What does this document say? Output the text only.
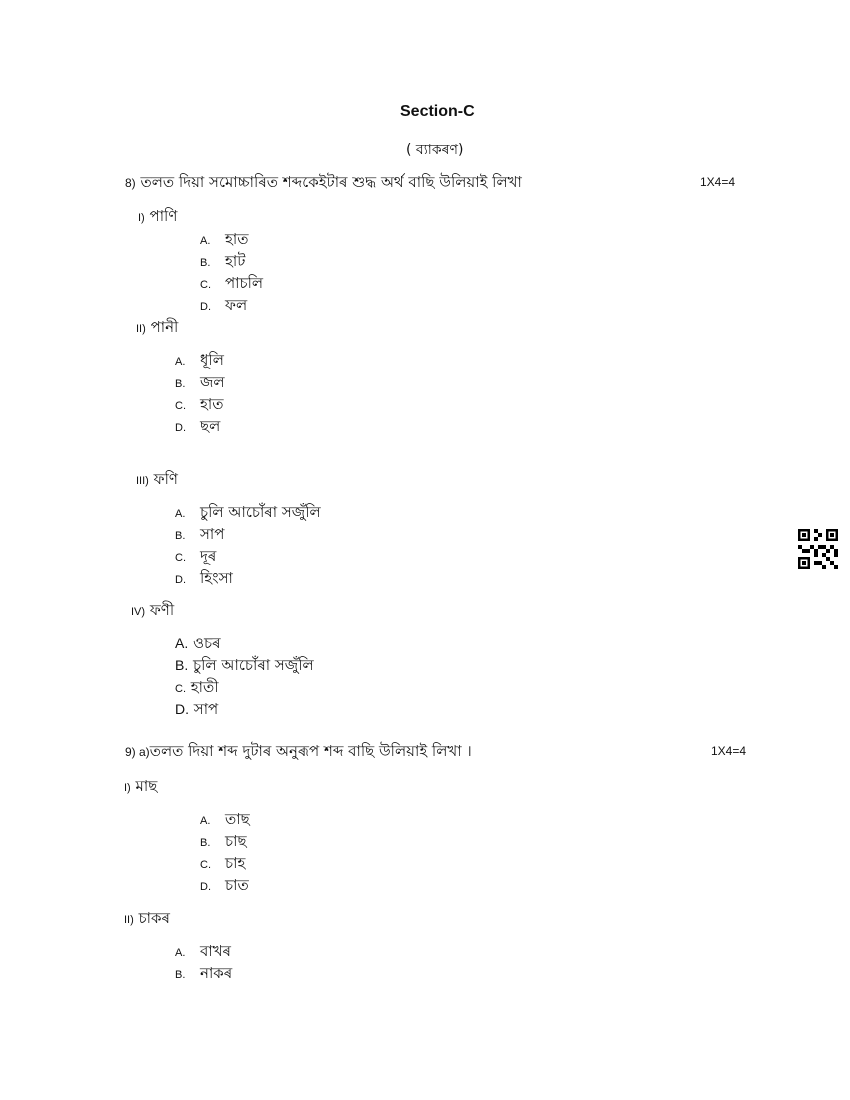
Section-C
( ব্যাকৰণ)
8) তলত দিয়া সমোচ্চাৰিত শব্দকেইটাৰ শুদ্ধ অৰ্থ বাছি উলিয়াই লিখা	1X4=4
I) পাণি
A. হাত
B. হাট
C. পাচলি
D. ফল
II) পানী
A. ধূলি
B. জল
C. হাত
D. ছল
III) ফণি
A. চুলি আচোঁৰা সজুঁলি
B. সাপ
C. দূৰ
D. হিংসা
IV) ফণী
A. ওচৰ
B. চুলি আচোঁৰা সজুঁলি
C. হাতী
D. সাপ
9) a)তলত দিয়া শব্দ দুটাৰ অনুৰূপ শব্দ বাছি উলিয়াই লিখা ।	1X4=4
I) মাছ
A. তাছ
B. চাছ
C. চাহ
D. চাত
II) চাকৰ
A. বাখৰ
B. নাকৰ
